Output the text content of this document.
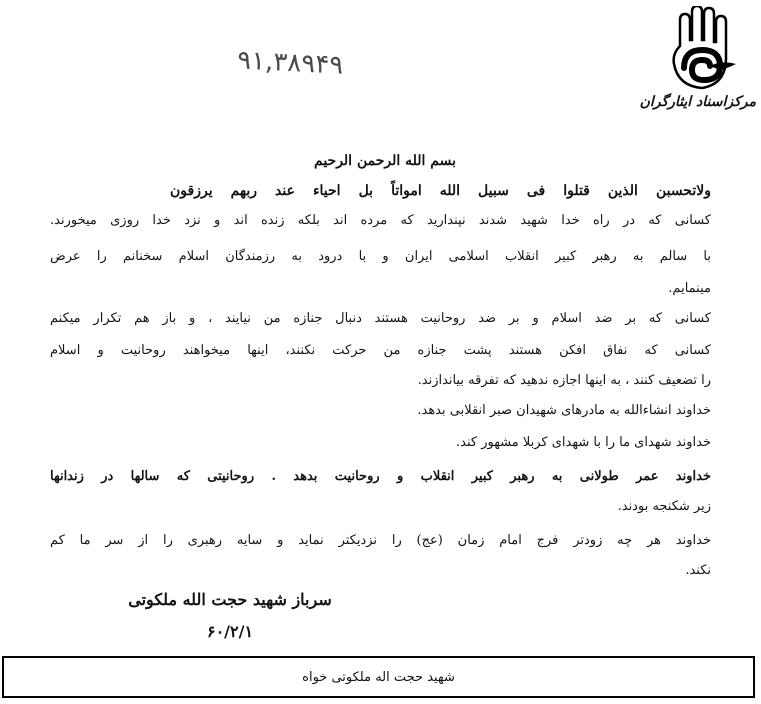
مرکزاسناد ایثارگران
۹۱,۳۸۹۴۹
بسم الله الرحمن الرحیم
ولاتحسبن الذین قتلوا فی سبیل الله امواتاً بل احیاء عند ربهم یرزقون
کسانی که در راه خدا شهید شدند نپندارید که مرده اند بلکه زنده اند و نزد خدا روزی میخورند.
با سالم به رهبر کبیر انقلاب اسلامی ایران و با درود به رزمندگان اسلام سخنانم را عرض
مینمایم.
کسانی که بر ضد اسلام و بر ضد روحانیت هستند دنبال جنازه من نیایند ، و باز هم تکرار میکنم
کسانی که نفاق افکن هستند پشت جنازه من حرکت نکنند، اینها میخواهند روحانیت و اسلام
را تضعیف کنند ، به اینها اجازه ندهید که تفرقه بیاندازند.
خداوند انشاءالله به مادرهای شهیدان صبر انقلابی بدهد.
خداوند شهدای ما را با شهدای کربلا مشهور کند.
خداوند عمر طولانی به رهبر کبیر انقلاب و روحانیت بدهد . روحانیتی که سالها در زندانها
زیر شکنجه بودند.
خداوند هر چه زودتر فرج امام زمان (عج) را نزدیکتر نماید و سایه رهبری را از سر ما کم
نکند.
سرباز شهید حجت الله ملکوتی
۶۰/۲/۱
شهید حجت اله ملکوتی خواه
